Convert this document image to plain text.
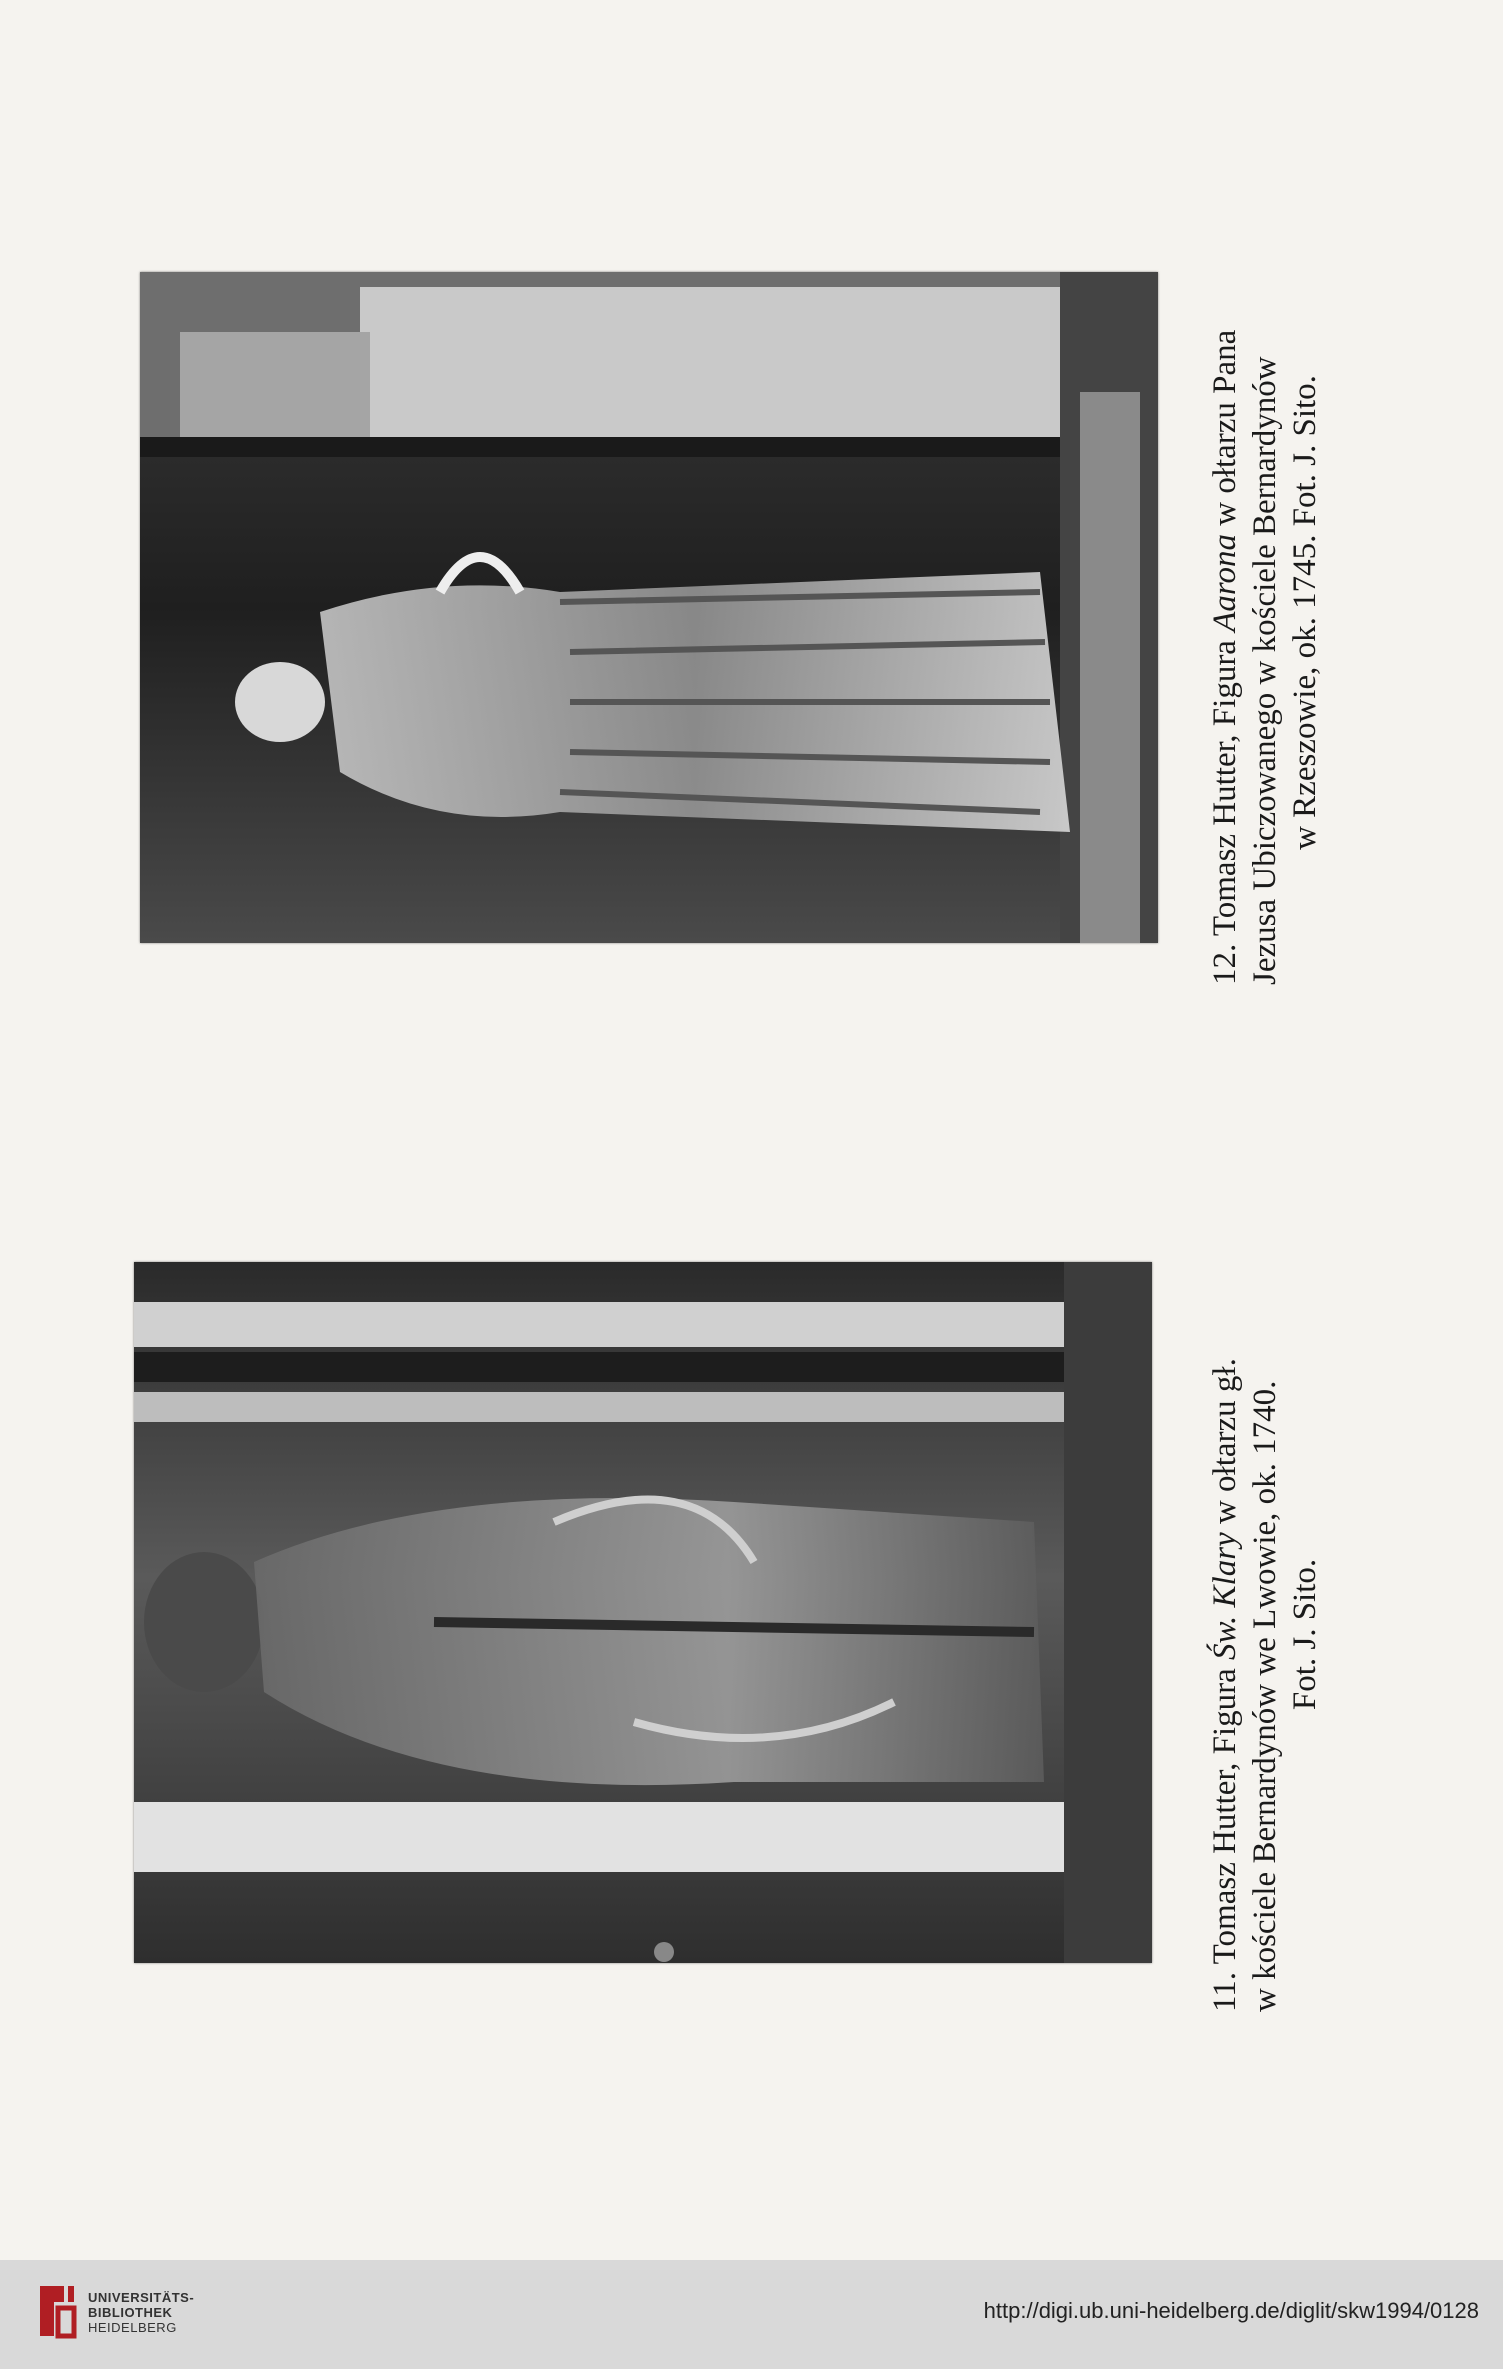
12. Tomasz Hutter, Figura Aarona w ołtarzu Pana Jezusa Ubiczowanego w kościele Bernardynów w Rzeszowie, ok. 1745. Fot. J. Sito.
11. Tomasz Hutter, Figura Św. Klary w ołtarzu gł. w kościele Bernardynów we Lwowie, ok. 1740. Fot. J. Sito.
UNIVERSITÄTS-
BIBLIOTHEK
HEIDELBERG
http://digi.ub.uni-heidelberg.de/diglit/skw1994/0128
